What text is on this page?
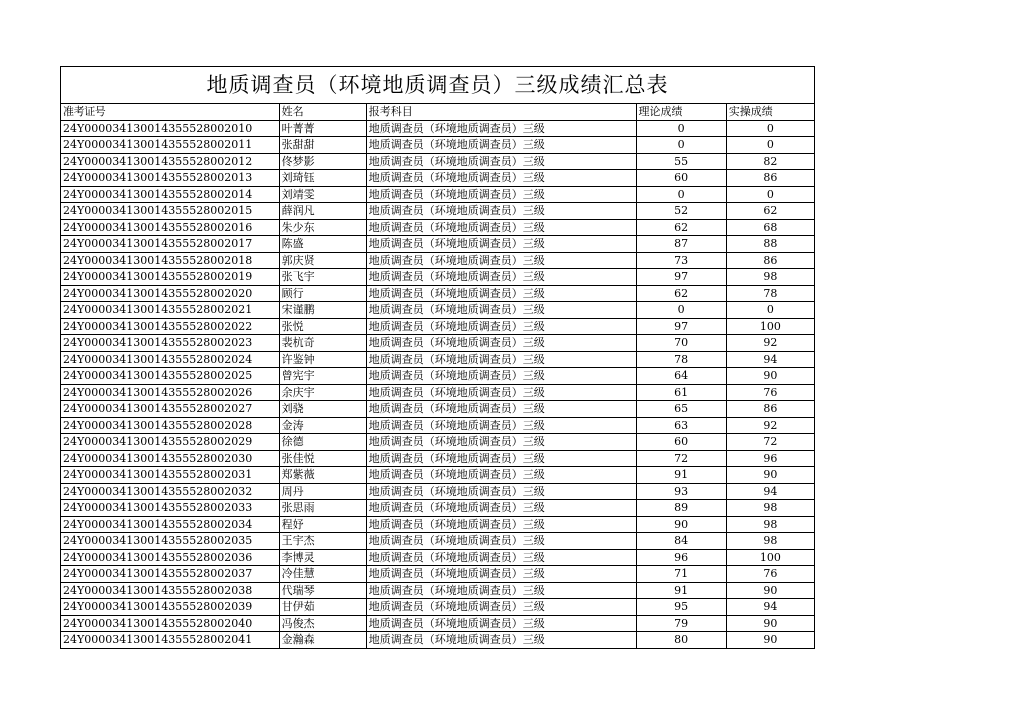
地质调查员（环境地质调查员）三级成绩汇总表
准考证号	姓名	报考科目	理论成绩	实操成绩
24Y000034130014355528002010	叶菁菁	地质调查员（环境地质调查员）三级	0	0
24Y000034130014355528002011	张甜甜	地质调查员（环境地质调查员）三级	0	0
24Y000034130014355528002012	佟梦影	地质调查员（环境地质调查员）三级	55	82
24Y000034130014355528002013	刘琦钰	地质调查员（环境地质调查员）三级	60	86
24Y000034130014355528002014	刘靖雯	地质调查员（环境地质调查员）三级	0	0
24Y000034130014355528002015	薛润凡	地质调查员（环境地质调查员）三级	52	62
24Y000034130014355528002016	朱少东	地质调查员（环境地质调查员）三级	62	68
24Y000034130014355528002017	陈盛	地质调查员（环境地质调查员）三级	87	88
24Y000034130014355528002018	郭庆贤	地质调查员（环境地质调查员）三级	73	86
24Y000034130014355528002019	张飞宇	地质调查员（环境地质调查员）三级	97	98
24Y000034130014355528002020	顾行	地质调查员（环境地质调查员）三级	62	78
24Y000034130014355528002021	宋谨鹏	地质调查员（环境地质调查员）三级	0	0
24Y000034130014355528002022	张悦	地质调查员（环境地质调查员）三级	97	100
24Y000034130014355528002023	裴杭奇	地质调查员（环境地质调查员）三级	70	92
24Y000034130014355528002024	许鉴钟	地质调查员（环境地质调查员）三级	78	94
24Y000034130014355528002025	曾宪宇	地质调查员（环境地质调查员）三级	64	90
24Y000034130014355528002026	余庆宇	地质调查员（环境地质调查员）三级	61	76
24Y000034130014355528002027	刘骁	地质调查员（环境地质调查员）三级	65	86
24Y000034130014355528002028	金涛	地质调查员（环境地质调查员）三级	63	92
24Y000034130014355528002029	徐德	地质调查员（环境地质调查员）三级	60	72
24Y000034130014355528002030	张佳悦	地质调查员（环境地质调查员）三级	72	96
24Y000034130014355528002031	郑紫薇	地质调查员（环境地质调查员）三级	91	90
24Y000034130014355528002032	周丹	地质调查员（环境地质调查员）三级	93	94
24Y000034130014355528002033	张思雨	地质调查员（环境地质调查员）三级	89	98
24Y000034130014355528002034	程妤	地质调查员（环境地质调查员）三级	90	98
24Y000034130014355528002035	王宇杰	地质调查员（环境地质调查员）三级	84	98
24Y000034130014355528002036	李博灵	地质调查员（环境地质调查员）三级	96	100
24Y000034130014355528002037	冷佳慧	地质调查员（环境地质调查员）三级	71	76
24Y000034130014355528002038	代瑞琴	地质调查员（环境地质调查员）三级	91	90
24Y000034130014355528002039	甘伊茹	地质调查员（环境地质调查员）三级	95	94
24Y000034130014355528002040	冯俊杰	地质调查员（环境地质调查员）三级	79	90
24Y000034130014355528002041	金瀚森	地质调查员（环境地质调查员）三级	80	90
